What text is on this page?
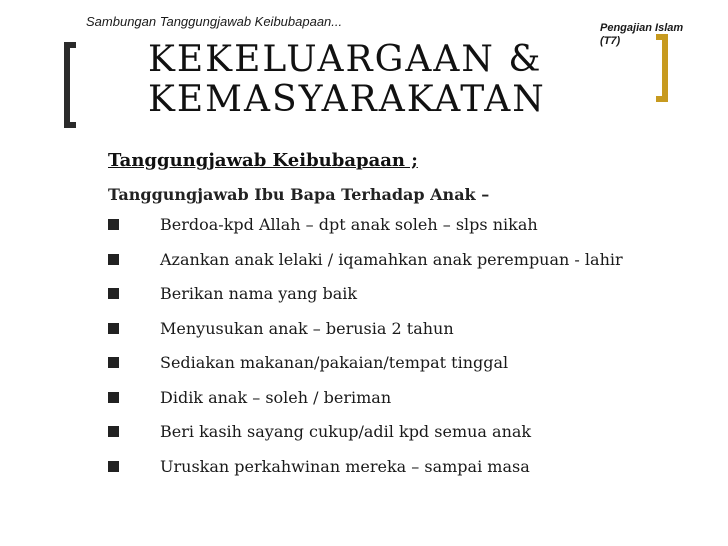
Sambungan Tanggungjawab Keibubapaan...	Pengajian Islam
(T7)
KEKELUARGAAN &
KEMASYARAKATAN
Tanggungjawab Keibubapaan ;
Tanggungjawab Ibu Bapa Terhadap Anak –
Berdoa-kpd Allah – dpt anak soleh – slps nikah
Azankan anak lelaki / iqamahkan anak perempuan - lahir
Berikan nama yang baik
Menyusukan anak – berusia 2 tahun
Sediakan makanan/pakaian/tempat tinggal
Didik anak – soleh / beriman
Beri kasih sayang cukup/adil kpd semua anak
Uruskan perkahwinan mereka – sampai masa
